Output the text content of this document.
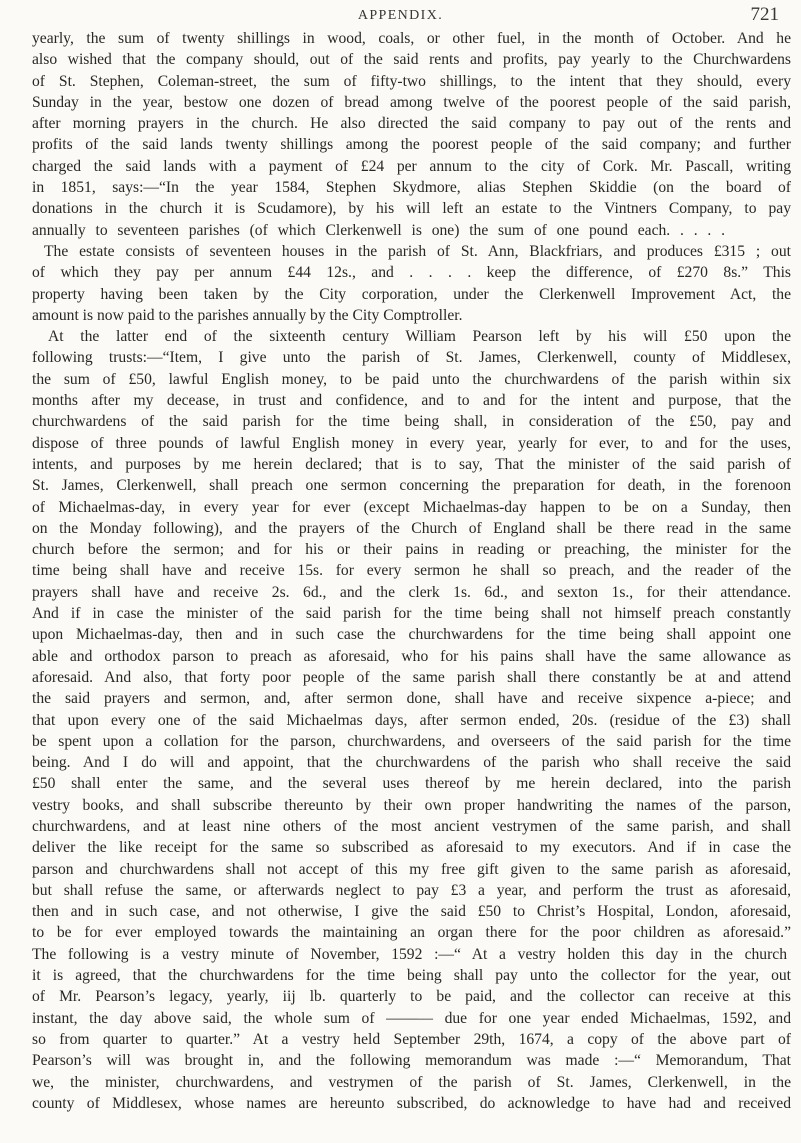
APPENDIX.	721
yearly, the sum of twenty shillings in wood, coals, or other fuel, in the month of October. And he
also wished that the company should, out of the said rents and profits, pay yearly to the Churchwardens
of St. Stephen, Coleman-street, the sum of fifty-two shillings, to the intent that they should, every
Sunday in the year, bestow one dozen of bread among twelve of the poorest people of the said parish,
after morning prayers in the church. He also directed the said company to pay out of the rents and
profits of the said lands twenty shillings among the poorest people of the said company; and further
charged the said lands with a payment of £24 per annum to the city of Cork. Mr. Pascall, writing
in 1851, says:—“In the year 1584, Stephen Skydmore, alias Stephen Skiddie (on the board of
donations in the church it is Scudamore), by his will left an estate to the Vintners Company, to pay
annually to seventeen parishes (of which Clerkenwell is one) the sum of one pound each. . . . .
The estate consists of seventeen houses in the parish of St. Ann, Blackfriars, and produces £315 ; out
of which they pay per annum £44 12s., and . . . . keep the difference, of £270 8s.” This
property having been taken by the City corporation, under the Clerkenwell Improvement Act, the
amount is now paid to the parishes annually by the City Comptroller.
At the latter end of the sixteenth century William Pearson left by his will £50 upon the
following trusts:—“Item, I give unto the parish of St. James, Clerkenwell, county of Middlesex,
the sum of £50, lawful English money, to be paid unto the churchwardens of the parish within six
months after my decease, in trust and confidence, and to and for the intent and purpose, that the
churchwardens of the said parish for the time being shall, in consideration of the £50, pay and
dispose of three pounds of lawful English money in every year, yearly for ever, to and for the uses,
intents, and purposes by me herein declared; that is to say, That the minister of the said parish of
St. James, Clerkenwell, shall preach one sermon concerning the preparation for death, in the forenoon
of Michaelmas-day, in every year for ever (except Michaelmas-day happen to be on a Sunday, then
on the Monday following), and the prayers of the Church of England shall be there read in the same
church before the sermon; and for his or their pains in reading or preaching, the minister for the
time being shall have and receive 15s. for every sermon he shall so preach, and the reader of the
prayers shall have and receive 2s. 6d., and the clerk 1s. 6d., and sexton 1s., for their attendance.
And if in case the minister of the said parish for the time being shall not himself preach constantly
upon Michaelmas-day, then and in such case the churchwardens for the time being shall appoint one
able and orthodox parson to preach as aforesaid, who for his pains shall have the same allowance as
aforesaid. And also, that forty poor people of the same parish shall there constantly be at and attend
the said prayers and sermon, and, after sermon done, shall have and receive sixpence a-piece; and
that upon every one of the said Michaelmas days, after sermon ended, 20s. (residue of the £3) shall
be spent upon a collation for the parson, churchwardens, and overseers of the said parish for the time
being. And I do will and appoint, that the churchwardens of the parish who shall receive the said
£50 shall enter the same, and the several uses thereof by me herein declared, into the parish
vestry books, and shall subscribe thereunto by their own proper handwriting the names of the parson,
churchwardens, and at least nine others of the most ancient vestrymen of the same parish, and shall
deliver the like receipt for the same so subscribed as aforesaid to my executors. And if in case the
parson and churchwardens shall not accept of this my free gift given to the same parish as aforesaid,
but shall refuse the same, or afterwards neglect to pay £3 a year, and perform the trust as aforesaid,
then and in such case, and not otherwise, I give the said £50 to Christ’s Hospital, London, aforesaid,
to be for ever employed towards the maintaining an organ there for the poor children as aforesaid.”
The following is a vestry minute of November, 1592 :—“ At a vestry holden this day in the church
it is agreed, that the churchwardens for the time being shall pay unto the collector for the year, out
of Mr. Pearson’s legacy, yearly, iij lb. quarterly to be paid, and the collector can receive at this
instant, the day above said, the whole sum of ——— due for one year ended Michaelmas, 1592, and
so from quarter to quarter.” At a vestry held September 29th, 1674, a copy of the above part of
Pearson’s will was brought in, and the following memorandum was made :—“ Memorandum, That
we, the minister, churchwardens, and vestrymen of the parish of St. James, Clerkenwell, in the
county of Middlesex, whose names are hereunto subscribed, do acknowledge to have had and received
